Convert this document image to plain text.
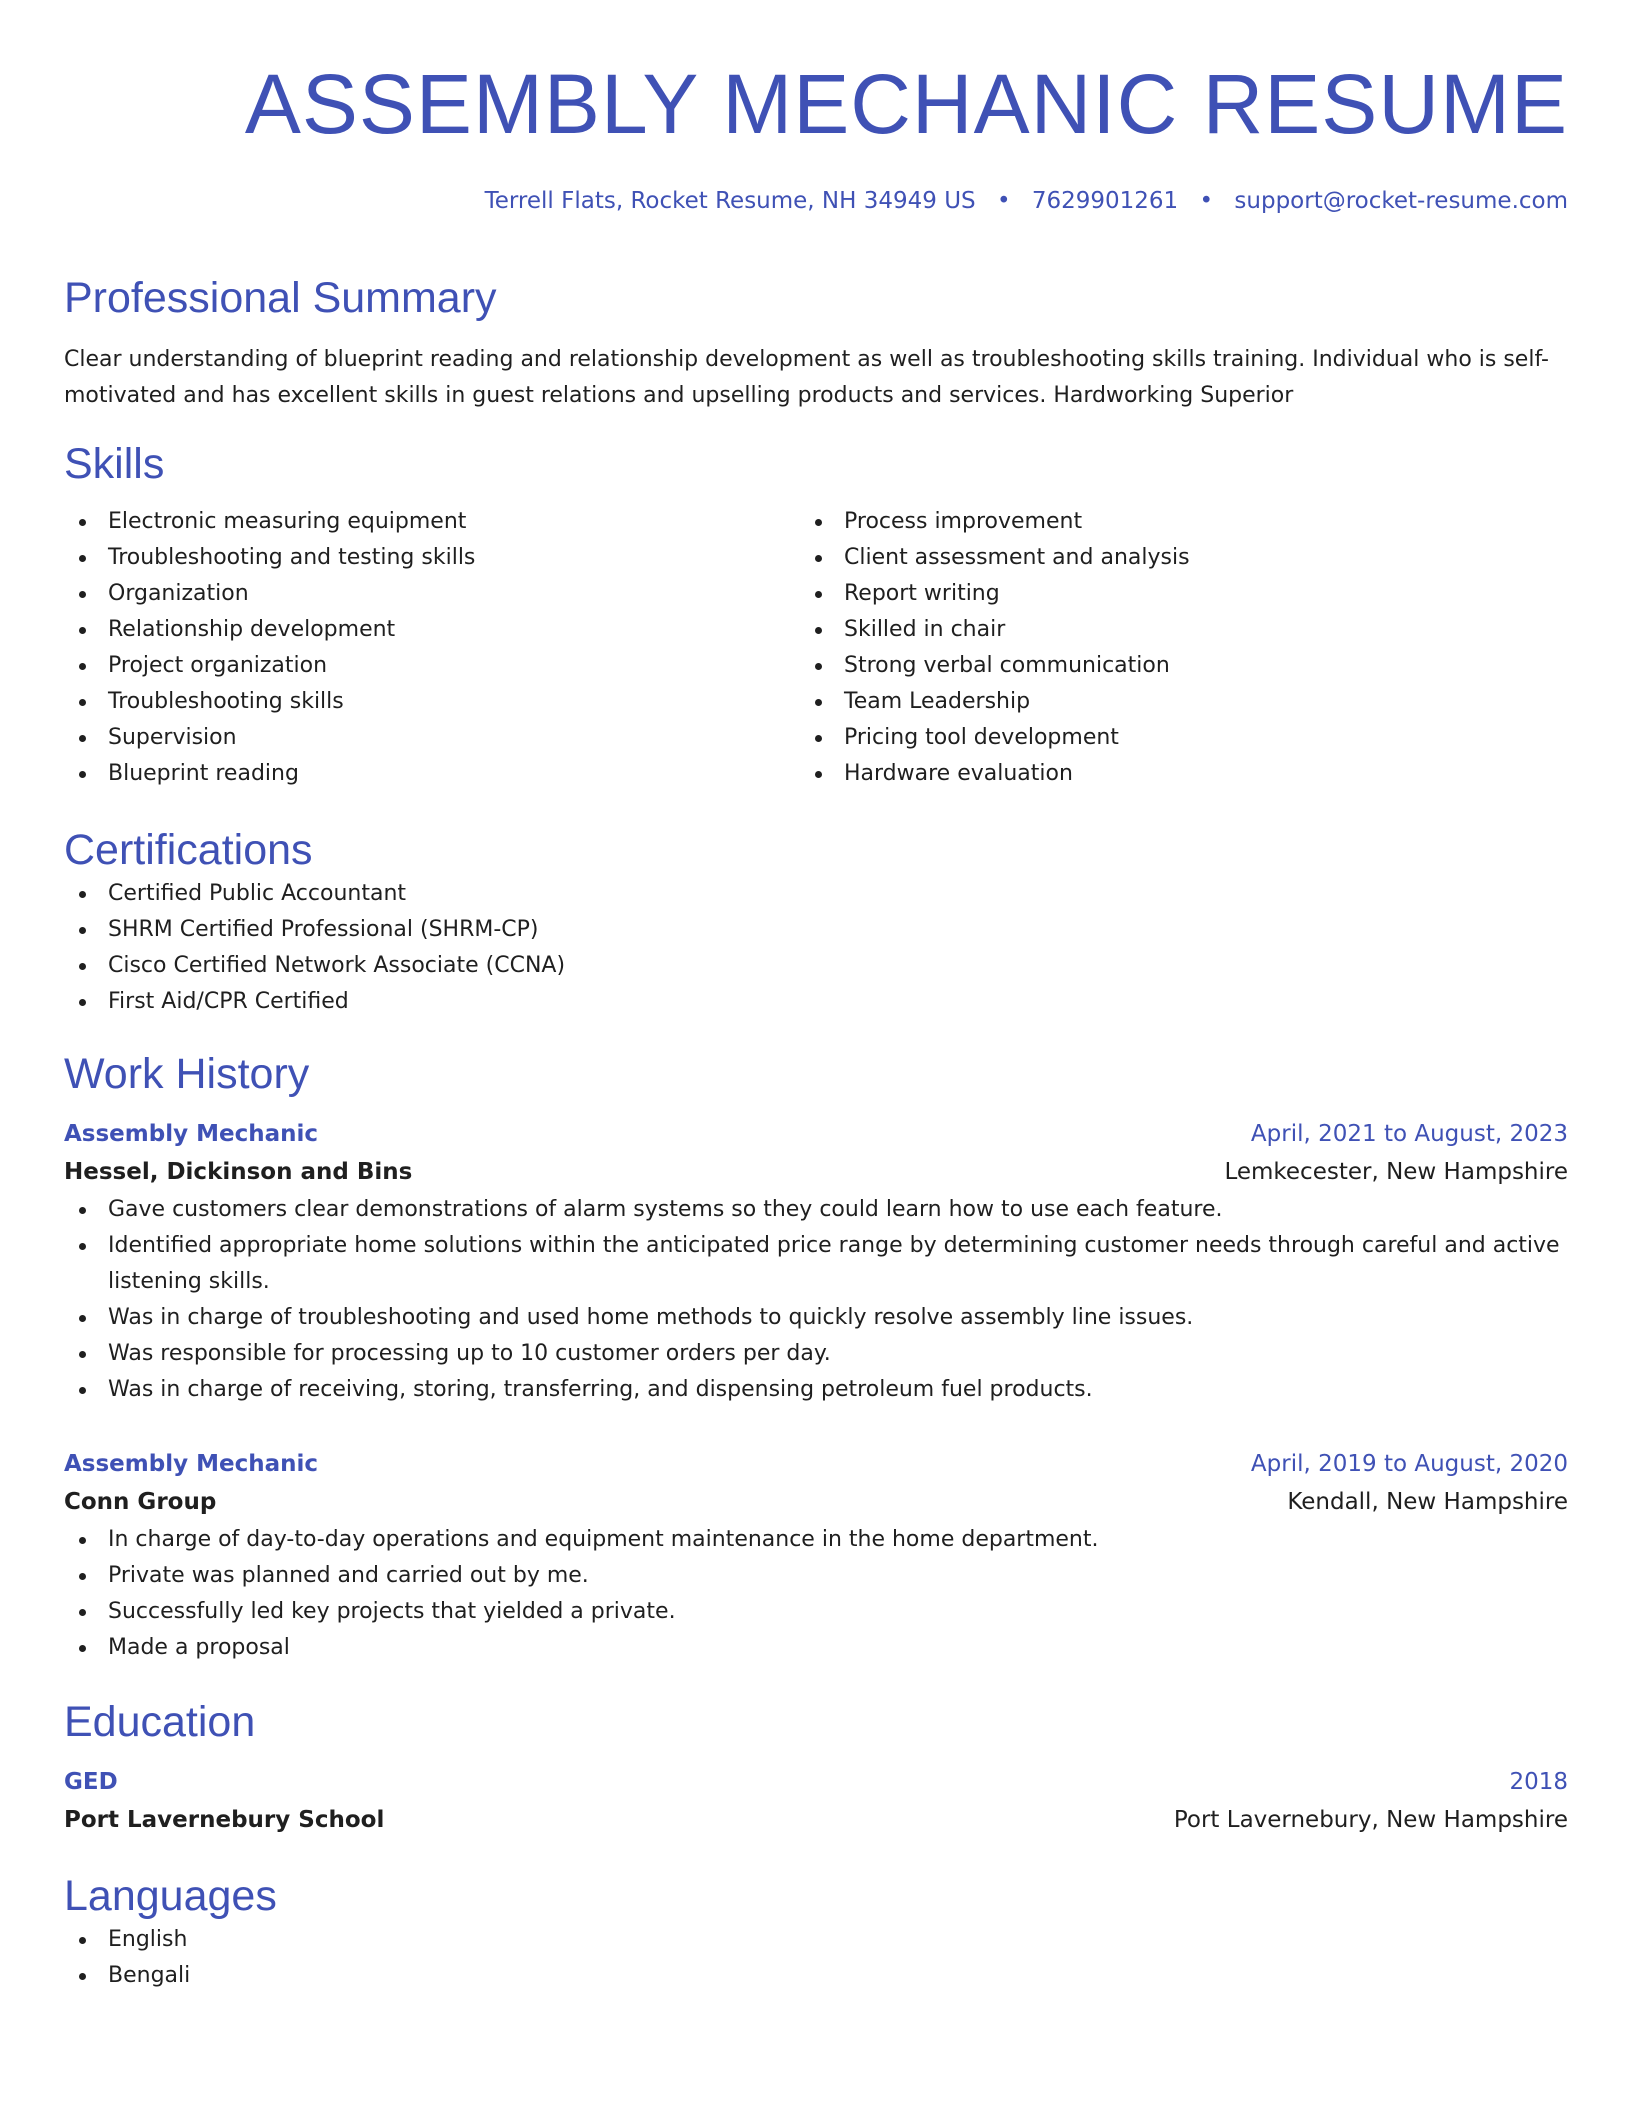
ASSEMBLY MECHANIC RESUME
Terrell Flats, Rocket Resume, NH 34949 US • 7629901261 • support@rocket-resume.com
Professional Summary

Clear understanding of blueprint reading and relationship development as well as troubleshooting skills training. Individual who is self-motivated and has excellent skills in guest relations and upselling products and services. Hardworking Superior

Skills
Electronic measuring equipment
Troubleshooting and testing skills
Organization
Relationship development
Project organization
Troubleshooting skills
Supervision
Blueprint reading
Process improvement
Client assessment and analysis
Report writing
Skilled in chair
Strong verbal communication
Team Leadership
Pricing tool development
Hardware evaluation
Certifications
Certified Public Accountant
SHRM Certified Professional (SHRM-CP)
Cisco Certified Network Associate (CCNA)
First Aid/CPR Certified
Work History
Assembly Mechanic	April, 2021 to August, 2023
Hessel, Dickinson and Bins	Lemkecester, New Hampshire
Gave customers clear demonstrations of alarm systems so they could learn how to use each feature.
Identified appropriate home solutions within the anticipated price range by determining customer needs through careful and active listening skills.
Was in charge of troubleshooting and used home methods to quickly resolve assembly line issues.
Was responsible for processing up to 10 customer orders per day.
Was in charge of receiving, storing, transferring, and dispensing petroleum fuel products.
Assembly Mechanic	April, 2019 to August, 2020
Conn Group	Kendall, New Hampshire
In charge of day-to-day operations and equipment maintenance in the home department.
Private was planned and carried out by me.
Successfully led key projects that yielded a private.
Made a proposal
Education
GED	2018
Port Lavernebury School	Port Lavernebury, New Hampshire
Languages
English
Bengali
